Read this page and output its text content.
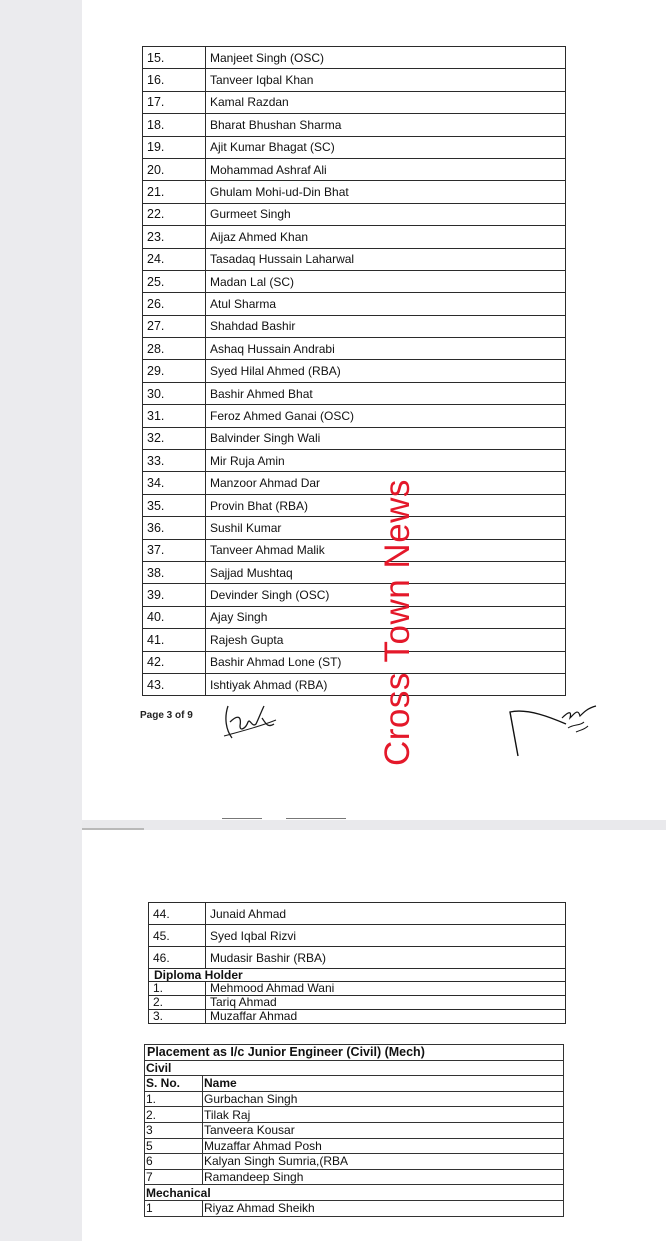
15.	Manjeet Singh (OSC)
16.	Tanveer Iqbal Khan
17.	Kamal Razdan
18.	Bharat Bhushan Sharma
19.	Ajit Kumar Bhagat (SC)
20.	Mohammad Ashraf Ali
21.	Ghulam Mohi-ud-Din Bhat
22.	Gurmeet Singh
23.	Aijaz Ahmed Khan
24.	Tasadaq Hussain Laharwal
25.	Madan Lal (SC)
26.	Atul Sharma
27.	Shahdad Bashir
28.	Ashaq Hussain Andrabi
29.	Syed Hilal Ahmed (RBA)
30.	Bashir Ahmed Bhat
31.	Feroz Ahmed Ganai (OSC)
32.	Balvinder Singh Wali
33.	Mir Ruja Amin
34.	Manzoor Ahmad Dar
35.	Provin Bhat (RBA)
36.	Sushil Kumar
37.	Tanveer Ahmad Malik
38.	Sajjad Mushtaq
39.	Devinder Singh (OSC)
40.	Ajay Singh
41.	Rajesh Gupta
42.	Bashir Ahmad Lone (ST)
43.	Ishtiyak Ahmad (RBA)
Page 3 of 9	Cross Town News
44.	Junaid Ahmad
45.	Syed Iqbal Rizvi
46.	Mudasir Bashir (RBA)
Diploma Holder	
1.	Mehmood Ahmad Wani
2.	Tariq Ahmad
3.	Muzaffar Ahmad
Placement as I/c Junior Engineer (Civil) (Mech)	
Civil	
S. No.	Name
1.	Gurbachan Singh
2.	Tilak Raj
3	Tanveera Kousar
5	Muzaffar Ahmad Posh
6	Kalyan Singh Sumria,(RBA
7	Ramandeep Singh
Mechanical	
1	Riyaz Ahmad Sheikh
